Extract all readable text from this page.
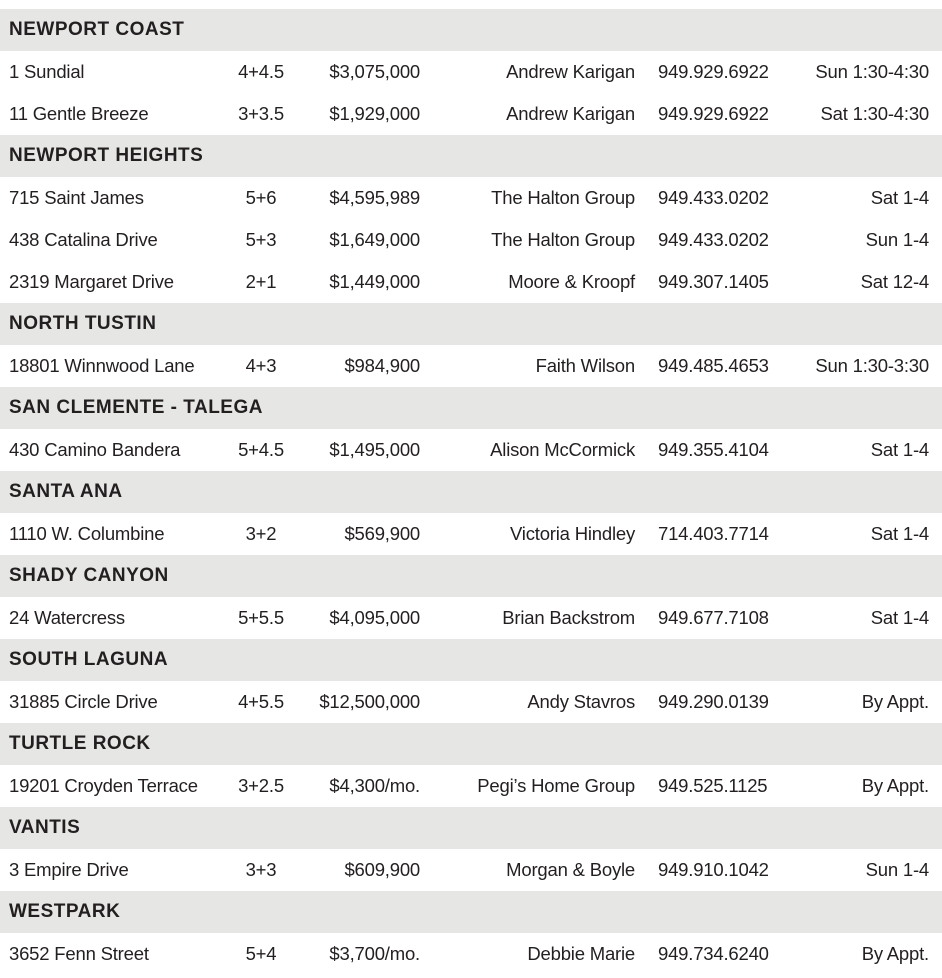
NEWPORT COAST
1 Sundial	4+4.5	$3,075,000	Andrew Karigan 949.929.6922	Sun 1:30-4:30
11 Gentle Breeze	3+3.5	$1,929,000	Andrew Karigan 949.929.6922	Sat 1:30-4:30
NEWPORT HEIGHTS
715 Saint James	5+6	$4,595,989	The Halton Group 949.433.0202	Sat 1-4
438 Catalina Drive	5+3	$1,649,000	The Halton Group 949.433.0202	Sun 1-4
2319 Margaret Drive	2+1	$1,449,000	Moore & Kroopf 949.307.1405	Sat 12-4
NORTH TUSTIN
18801 Winnwood Lane	4+3	$984,900	Faith Wilson 949.485.4653	Sun 1:30-3:30
SAN CLEMENTE - TALEGA
430 Camino Bandera	5+4.5	$1,495,000	Alison McCormick 949.355.4104	Sat 1-4
SANTA ANA
1110 W. Columbine	3+2	$569,900	Victoria Hindley 714.403.7714	Sat 1-4
SHADY CANYON
24 Watercress	5+5.5	$4,095,000	Brian Backstrom 949.677.7108	Sat 1-4
SOUTH LAGUNA
31885 Circle Drive	4+5.5	$12,500,000	Andy Stavros 949.290.0139	By Appt.
TURTLE ROCK
19201 Croyden Terrace	3+2.5	$4,300/mo.	Pegi’s Home Group 949.525.1125	By Appt.
VANTIS
3 Empire Drive	3+3	$609,900	Morgan & Boyle 949.910.1042	Sun 1-4
WESTPARK
3652 Fenn Street	5+4	$3,700/mo.	Debbie Marie 949.734.6240	By Appt.
